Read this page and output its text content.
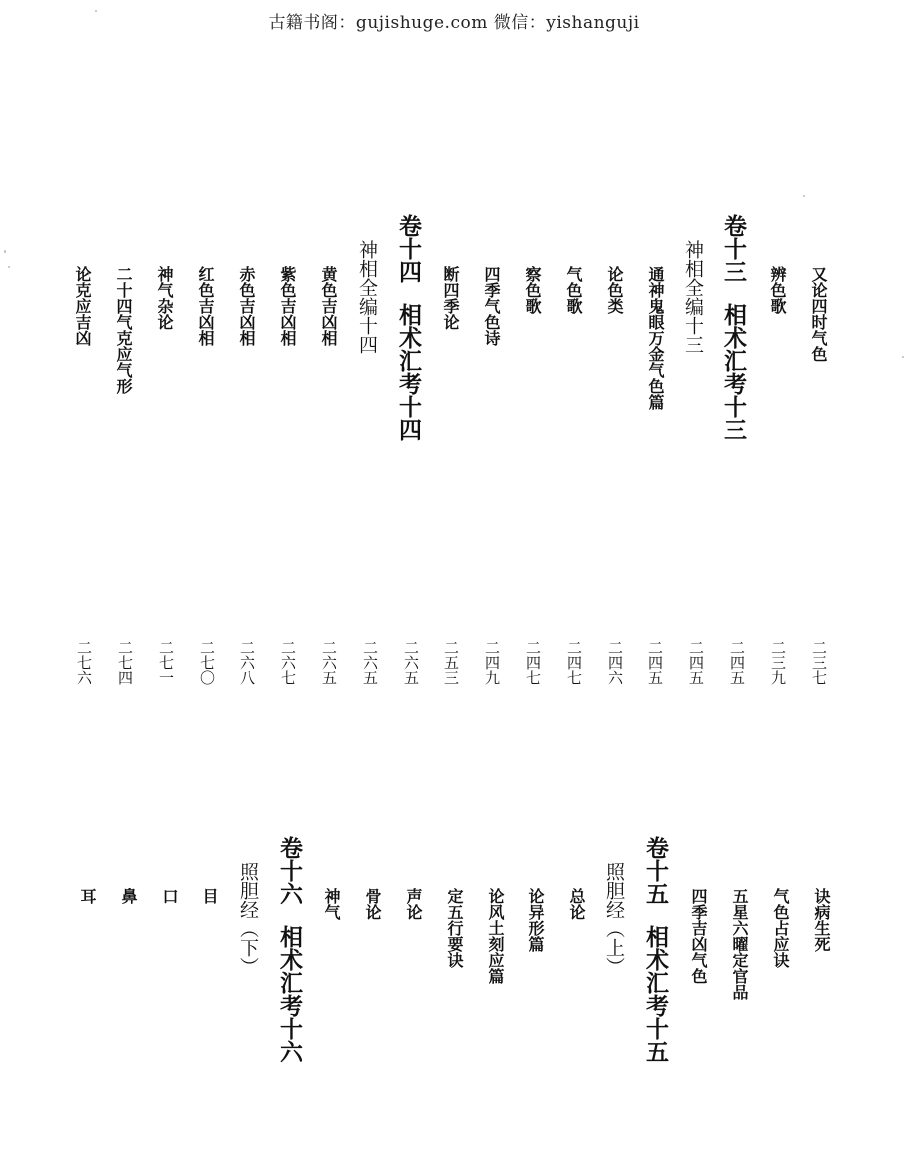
古籍书阁：gujishuge.com 微信：yishanguji
又论四时气色
辨色歌
卷十三相术汇考十三
神相全编十三
通神鬼眼万金气色篇
论色类
气色歌
察色歌
四季气色诗
断四季论
卷十四相术汇考十四
神相全编十四
黄色吉凶相
紫色吉凶相
赤色吉凶相
红色吉凶相
神气杂论
二十四气克应气形
论克应吉凶
二三七
二三九
二四五
二四五
二四五
二四六
二四七
二四七
二四九
二五三
二六五
二六五
二六五
二六七
二六八
二七〇
二七一
二七四
二七六
诀病生死
气色占应诀
五星六曜定官品
四季吉凶气色
卷十五相术汇考十五
照胆经（上）
总论
论异形篇
论风土刻应篇
定五行要诀
声论
骨论
神气
卷十六相术汇考十六
照胆经（下）
目
口
鼻
耳
